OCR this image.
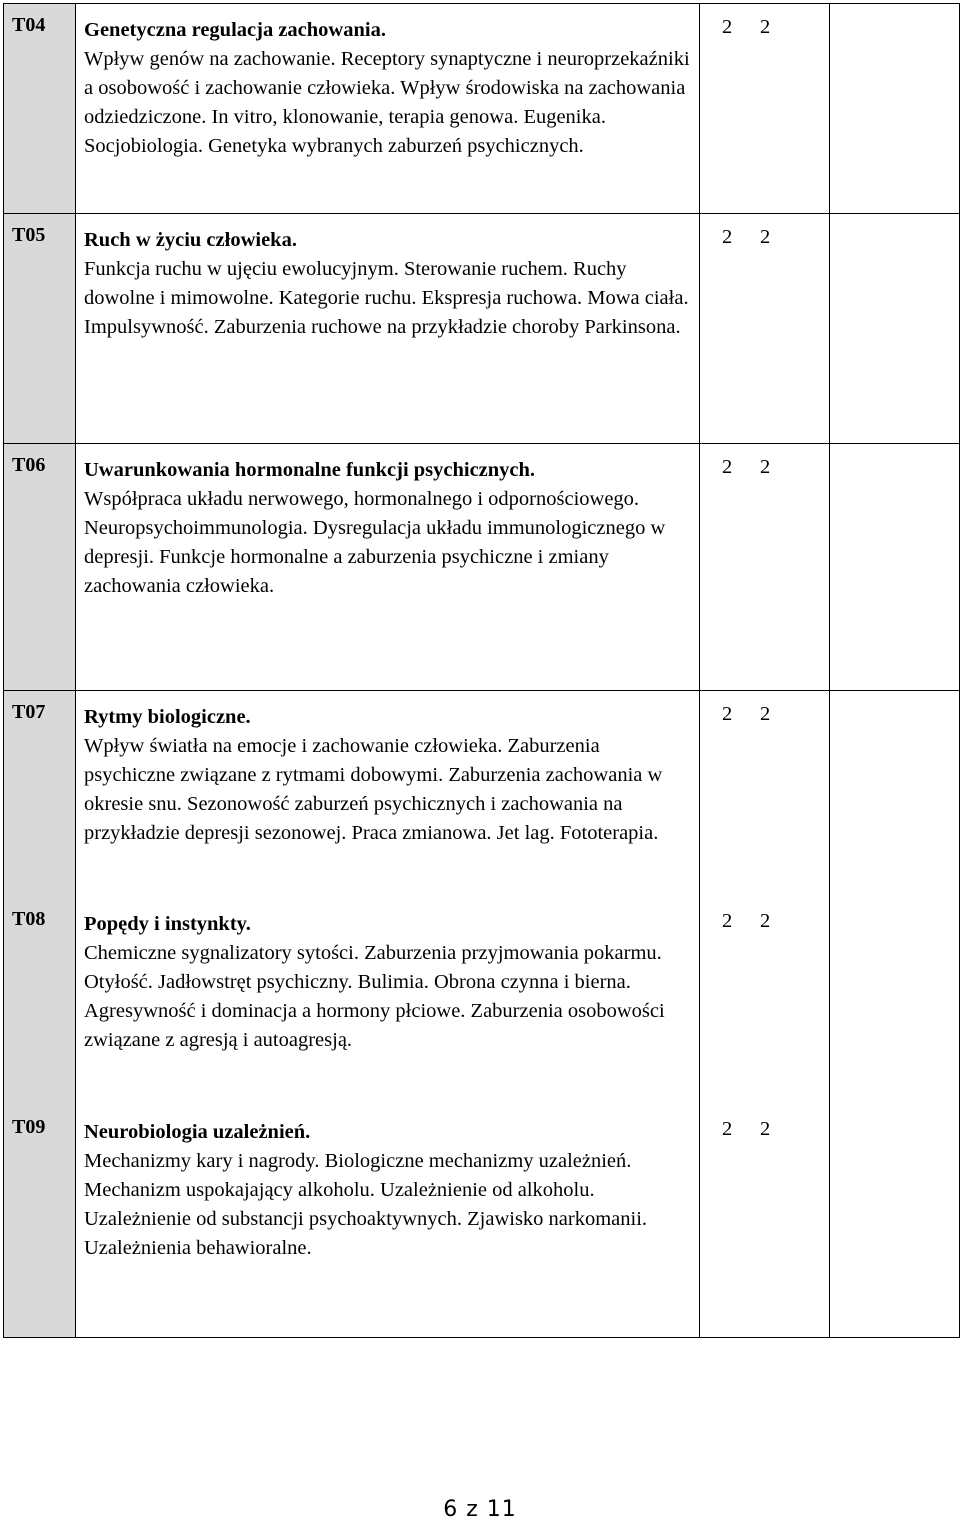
T04	Genetyczna regulacja zachowania.
Wpływ genów na zachowanie. Receptory synaptyczne i neuroprzekaźniki a osobowość i zachowanie człowieka. Wpływ środowiska na zachowania odziedziczone. In vitro, klonowanie, terapia genowa. Eugenika. Socjobiologia. Genetyka wybranych zaburzeń psychicznych.	2 2	
T05	Ruch w życiu człowieka.
Funkcja ruchu w ujęciu ewolucyjnym. Sterowanie ruchem. Ruchy dowolne i mimowolne. Kategorie ruchu. Ekspresja ruchowa. Mowa ciała. Impulsywność. Zaburzenia ruchowe na przykładzie choroby Parkinsona.	2 2	
T06	Uwarunkowania hormonalne funkcji psychicznych.
Współpraca układu nerwowego, hormonalnego i odpornościowego. Neuropsychoimmunologia. Dysregulacja układu immunologicznego w depresji. Funkcje hormonalne a zaburzenia psychiczne i zmiany zachowania człowieka.	2 2	
T07	Rytmy biologiczne.
Wpływ światła na emocje i zachowanie człowieka. Zaburzenia psychiczne związane z rytmami dobowymi. Zaburzenia zachowania w okresie snu. Sezonowość zaburzeń psychicznych i zachowania na przykładzie depresji sezonowej. Praca zmianowa. Jet lag. Fototerapia.	2 2	
T08	Popędy i instynkty.
Chemiczne sygnalizatory sytości. Zaburzenia przyjmowania pokarmu. Otyłość. Jadłowstręt psychiczny. Bulimia. Obrona czynna i bierna. Agresywność i dominacja a hormony płciowe. Zaburzenia osobowości związane z agresją i autoagresją.	2 2	
T09	Neurobiologia uzależnień.
Mechanizmy kary i nagrody. Biologiczne mechanizmy uzależnień. Mechanizm uspokajający alkoholu. Uzależnienie od alkoholu. Uzależnienie od substancji psychoaktywnych. Zjawisko narkomanii. Uzależnienia behawioralne.	2 2	
6 z 11
